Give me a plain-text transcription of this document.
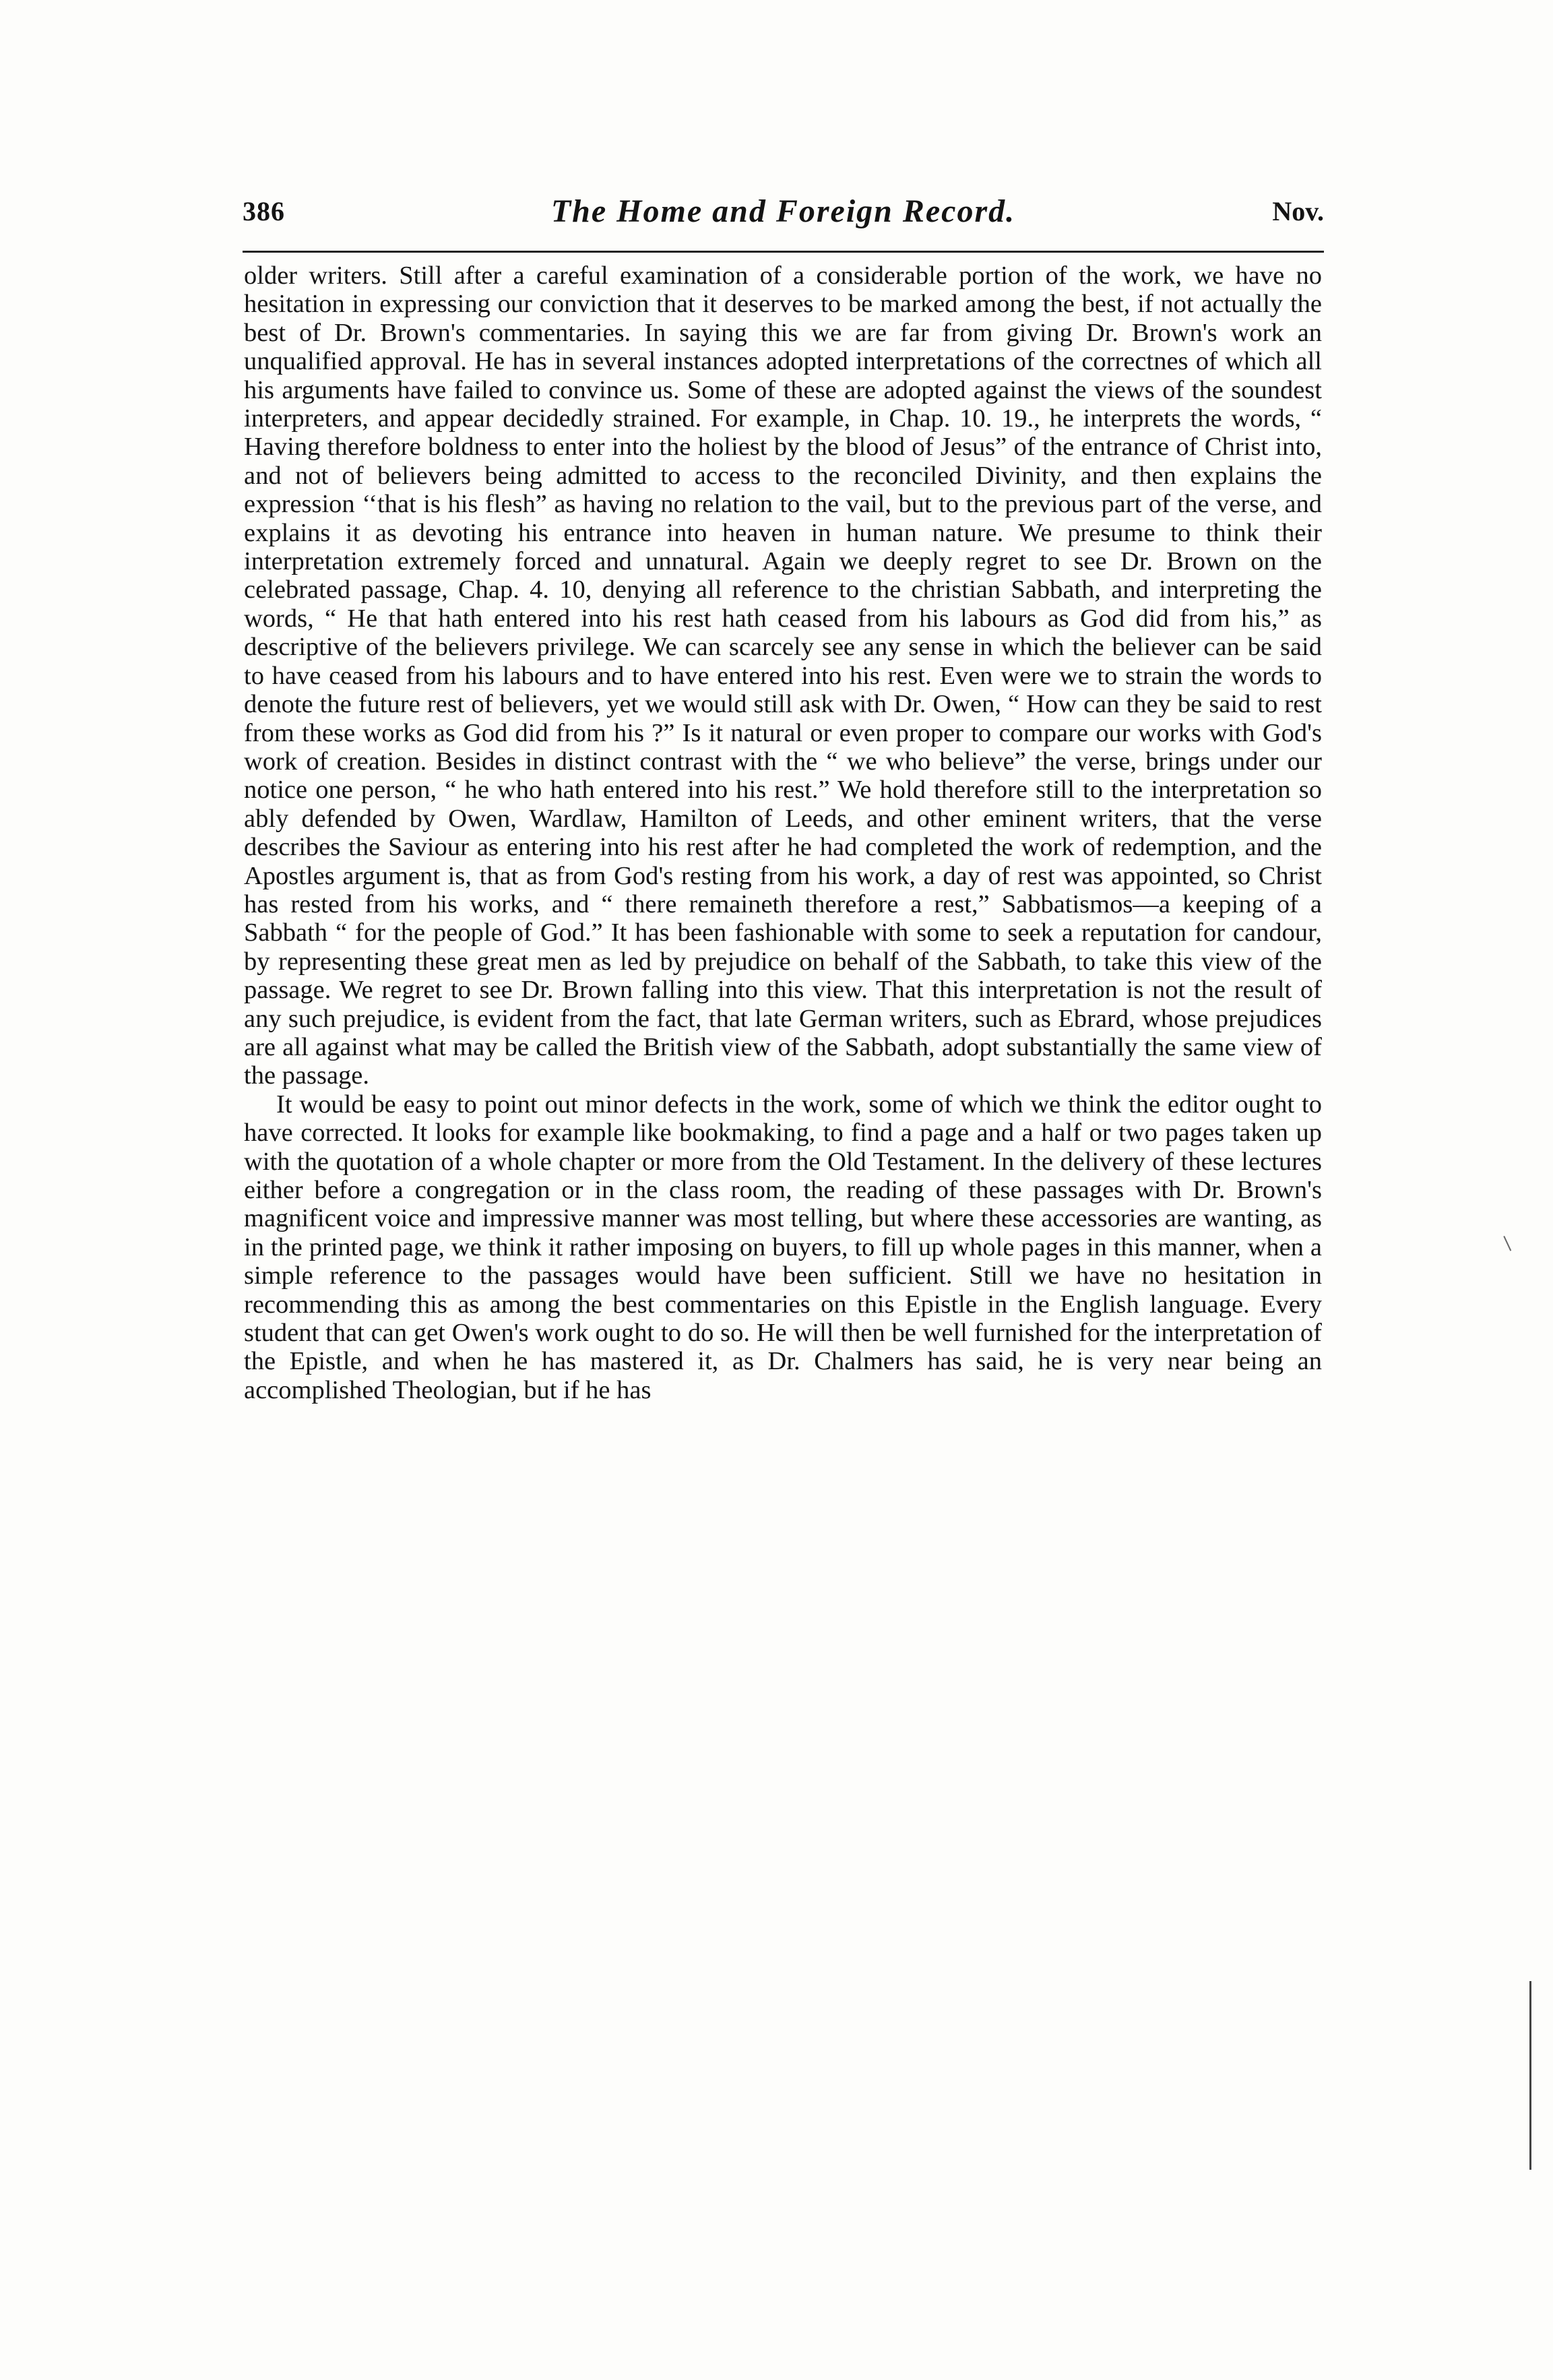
386	The Home and Foreign Record.	Nov.

older writers. Still after a careful examination of a considerable portion of the work, we have no hesitation in expressing our conviction that it deserves to be marked among the best, if not actually the best of Dr. Brown's commentaries. In saying this we are far from giving Dr. Brown's work an unqualified approval. He has in several instances adopted interpretations of the correctnes of which all his arguments have failed to convince us. Some of these are adopted against the views of the soundest interpreters, and appear decidedly strained. For example, in Chap. 10. 19., he interprets the words, “ Having therefore boldness to enter into the holiest by the blood of Jesus” of the entrance of Christ into, and not of believers being admitted to access to the reconciled Divinity, and then explains the expression ‘‘that is his flesh” as having no relation to the vail, but to the previous part of the verse, and explains it as devoting his entrance into heaven in human nature. We presume to think their interpretation extremely forced and unnatural. Again we deeply regret to see Dr. Brown on the celebrated passage, Chap. 4. 10, denying all reference to the christian Sabbath, and interpreting the words, “ He that hath entered into his rest hath ceased from his labours as God did from his,” as descriptive of the believers privilege. We can scarcely see any sense in which the believer can be said to have ceased from his labours and to have entered into his rest. Even were we to strain the words to denote the future rest of believers, yet we would still ask with Dr. Owen, “ How can they be said to rest from these works as God did from his ?” Is it natural or even proper to compare our works with God's work of creation. Besides in distinct contrast with the “ we who believe” the verse, brings under our notice one person, “ he who hath entered into his rest.” We hold therefore still to the interpretation so ably defended by Owen, Wardlaw, Hamilton of Leeds, and other eminent writers, that the verse describes the Saviour as entering into his rest after he had completed the work of redemption, and the Apostles argument is, that as from God's resting from his work, a day of rest was appointed, so Christ has rested from his works, and “ there remaineth therefore a rest,” Sabbatismos—a keeping of a Sabbath “ for the people of God.” It has been fashionable with some to seek a reputation for candour, by representing these great men as led by prejudice on behalf of the Sabbath, to take this view of the passage. We regret to see Dr. Brown falling into this view. That this interpretation is not the result of any such prejudice, is evident from the fact, that late German writers, such as Ebrard, whose prejudices are all against what may be called the British view of the Sabbath, adopt substantially the same view of the passage.

It would be easy to point out minor defects in the work, some of which we think the editor ought to have corrected. It looks for example like bookmaking, to find a page and a half or two pages taken up with the quotation of a whole chapter or more from the Old Testament. In the delivery of these lectures either before a congregation or in the class room, the reading of these passages with Dr. Brown's magnificent voice and impressive manner was most telling, but where these accessories are wanting, as in the printed page, we think it rather imposing on buyers, to fill up whole pages in this manner, when a simple reference to the passages would have been sufficient. Still we have no hesitation in recommending this as among the best commentaries on this Epistle in the English language. Every student that can get Owen's work ought to do so. He will then be well furnished for the interpretation of the Epistle, and when he has mastered it, as Dr. Chalmers has said, he is very near being an accomplished Theologian, but if he has
